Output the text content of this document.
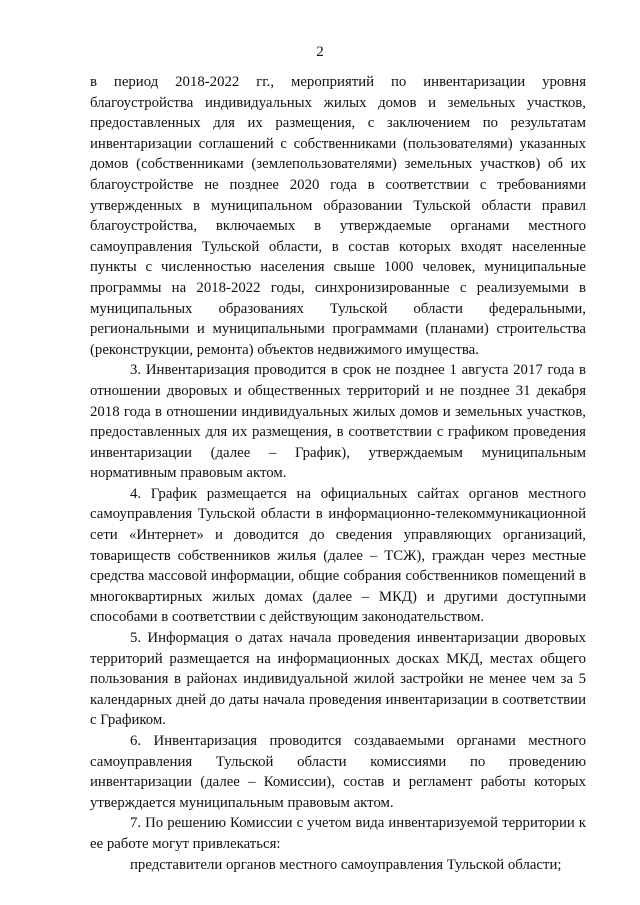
2

в период 2018-2022 гг., мероприятий по инвентаризации уровня благоустройства индивидуальных жилых домов и земельных участков, предоставленных для их размещения, с заключением по результатам инвентаризации соглашений с собственниками (пользователями) указанных домов (собственниками (землепользователями) земельных участков) об их благоустройстве не позднее 2020 года в соответствии с требованиями утвержденных в муниципальном образовании Тульской области правил благоустройства, включаемых в утверждаемые органами местного самоуправления Тульской области, в состав которых входят населенные пункты с численностью населения свыше 1000 человек, муниципальные программы на 2018-2022 годы, синхронизированные с реализуемыми в муниципальных образованиях Тульской области федеральными, региональными и муниципальными программами (планами) строительства (реконструкции, ремонта) объектов недвижимого имущества.

3. Инвентаризация проводится в срок не позднее 1 августа 2017 года в отношении дворовых и общественных территорий и не позднее 31 декабря 2018 года в отношении индивидуальных жилых домов и земельных участков, предоставленных для их размещения, в соответствии с графиком проведения инвентаризации (далее – График), утверждаемым муниципальным нормативным правовым актом.

4. График размещается на официальных сайтах органов местного самоуправления Тульской области в информационно-телекоммуникационной сети «Интернет» и доводится до сведения управляющих организаций, товариществ собственников жилья (далее – ТСЖ), граждан через местные средства массовой информации, общие собрания собственников помещений в многоквартирных жилых домах (далее – МКД) и другими доступными способами в соответствии с действующим законодательством.

5. Информация о датах начала проведения инвентаризации дворовых территорий размещается на информационных досках МКД, местах общего пользования в районах индивидуальной жилой застройки не менее чем за 5 календарных дней до даты начала проведения инвентаризации в соответствии с Графиком.

6. Инвентаризация проводится создаваемыми органами местного самоуправления Тульской области комиссиями по проведению инвентаризации (далее – Комиссии), состав и регламент работы которых утверждается муниципальным правовым актом.

7. По решению Комиссии с учетом вида инвентаризуемой территории к ее работе могут привлекаться:

представители органов местного самоуправления Тульской области;
